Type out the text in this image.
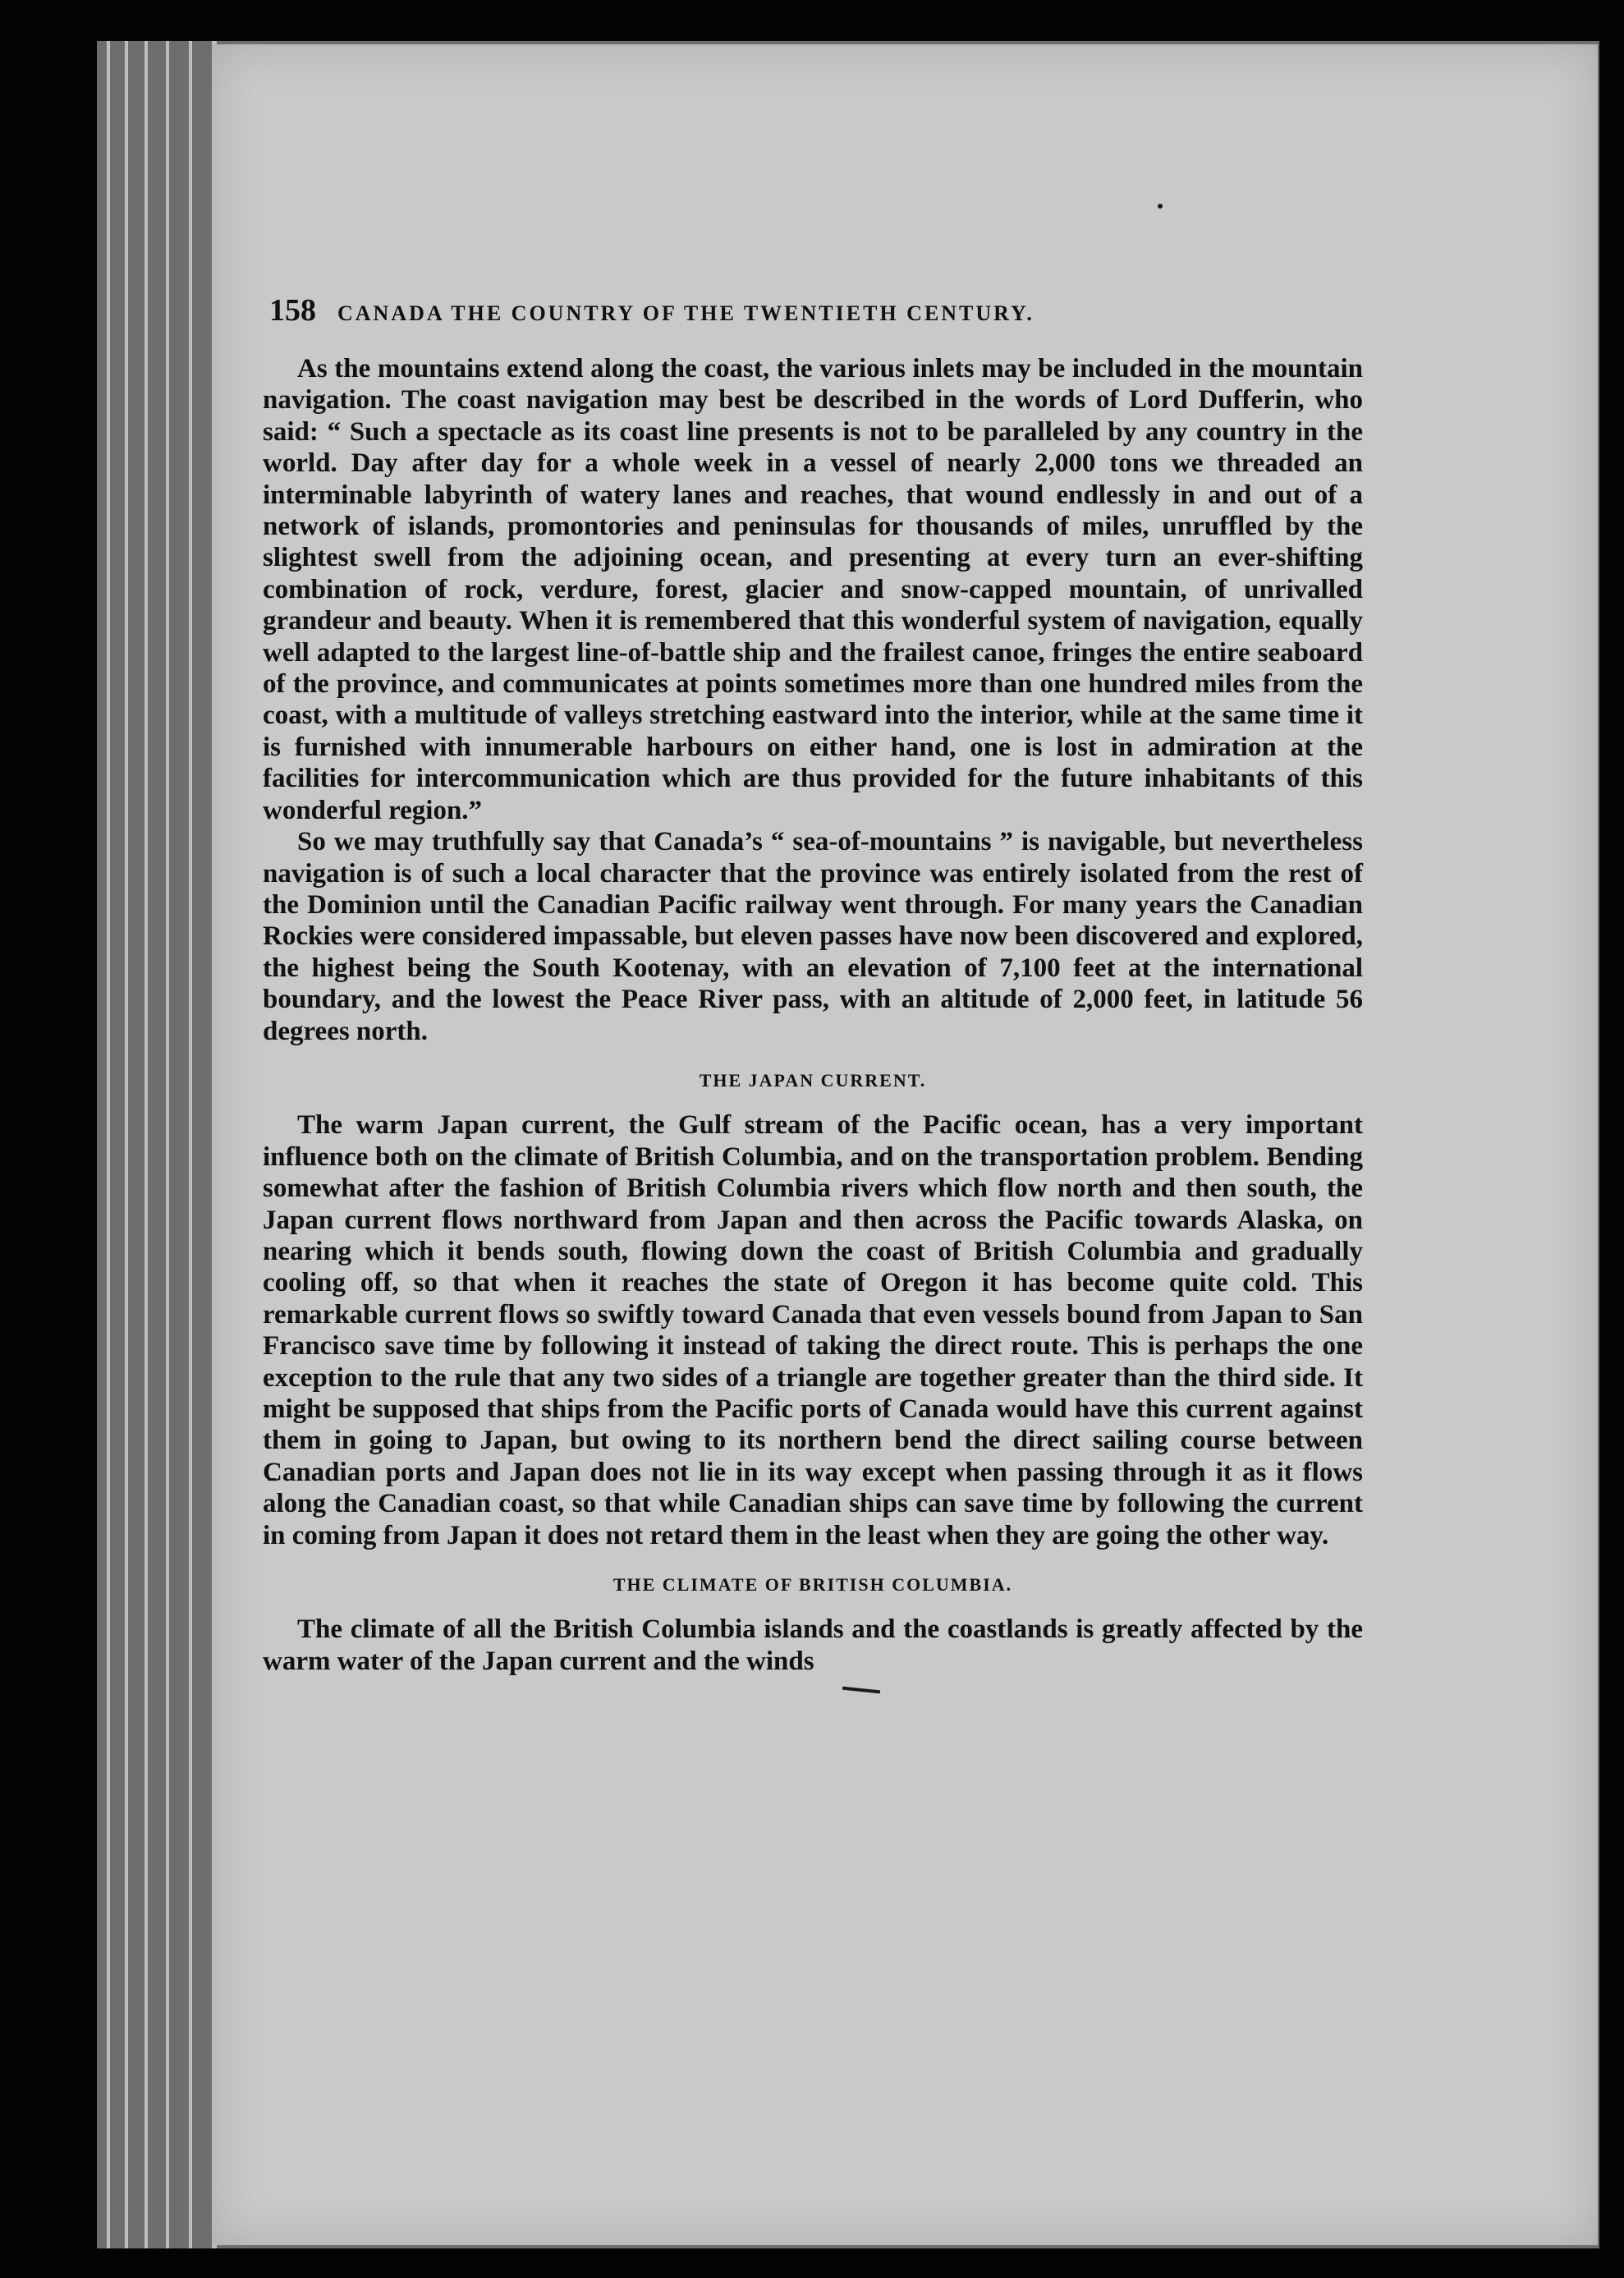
158 CANADA THE COUNTRY OF THE TWENTIETH CENTURY.

As the mountains extend along the coast, the various inlets may be included in the mountain navigation. The coast navigation may best be described in the words of Lord Dufferin, who said: “ Such a spectacle as its coast line presents is not to be paralleled by any country in the world. Day after day for a whole week in a vessel of nearly 2,000 tons we threaded an interminable labyrinth of watery lanes and reaches, that wound endlessly in and out of a network of islands, promontories and peninsulas for thousands of miles, unruffled by the slightest swell from the adjoining ocean, and presenting at every turn an ever-shifting combination of rock, verdure, forest, glacier and snow-capped mountain, of unrivalled grandeur and beauty. When it is remembered that this wonderful system of navigation, equally well adapted to the largest line-of-battle ship and the frailest canoe, fringes the entire seaboard of the province, and communicates at points sometimes more than one hundred miles from the coast, with a multitude of valleys stretching eastward into the interior, while at the same time it is furnished with innumerable harbours on either hand, one is lost in admiration at the facilities for intercommunication which are thus provided for the future inhabitants of this wonderful region.”

So we may truthfully say that Canada’s “ sea-of-mountains ” is navigable, but nevertheless navigation is of such a local character that the province was entirely isolated from the rest of the Dominion until the Canadian Pacific railway went through. For many years the Canadian Rockies were considered impassable, but eleven passes have now been discovered and explored, the highest being the South Kootenay, with an elevation of 7,100 feet at the international boundary, and the lowest the Peace River pass, with an altitude of 2,000 feet, in latitude 56 degrees north.

THE JAPAN CURRENT.

The warm Japan current, the Gulf stream of the Pacific ocean, has a very important influence both on the climate of British Columbia, and on the transportation problem. Bending somewhat after the fashion of British Columbia rivers which flow north and then south, the Japan current flows northward from Japan and then across the Pacific towards Alaska, on nearing which it bends south, flowing down the coast of British Columbia and gradually cooling off, so that when it reaches the state of Oregon it has become quite cold. This remarkable current flows so swiftly toward Canada that even vessels bound from Japan to San Francisco save time by following it instead of taking the direct route. This is perhaps the one exception to the rule that any two sides of a triangle are together greater than the third side. It might be supposed that ships from the Pacific ports of Canada would have this current against them in going to Japan, but owing to its northern bend the direct sailing course between Canadian ports and Japan does not lie in its way except when passing through it as it flows along the Canadian coast, so that while Canadian ships can save time by following the current in coming from Japan it does not retard them in the least when they are going the other way.

THE CLIMATE OF BRITISH COLUMBIA.

The climate of all the British Columbia islands and the coastlands is greatly affected by the warm water of the Japan current and the winds
